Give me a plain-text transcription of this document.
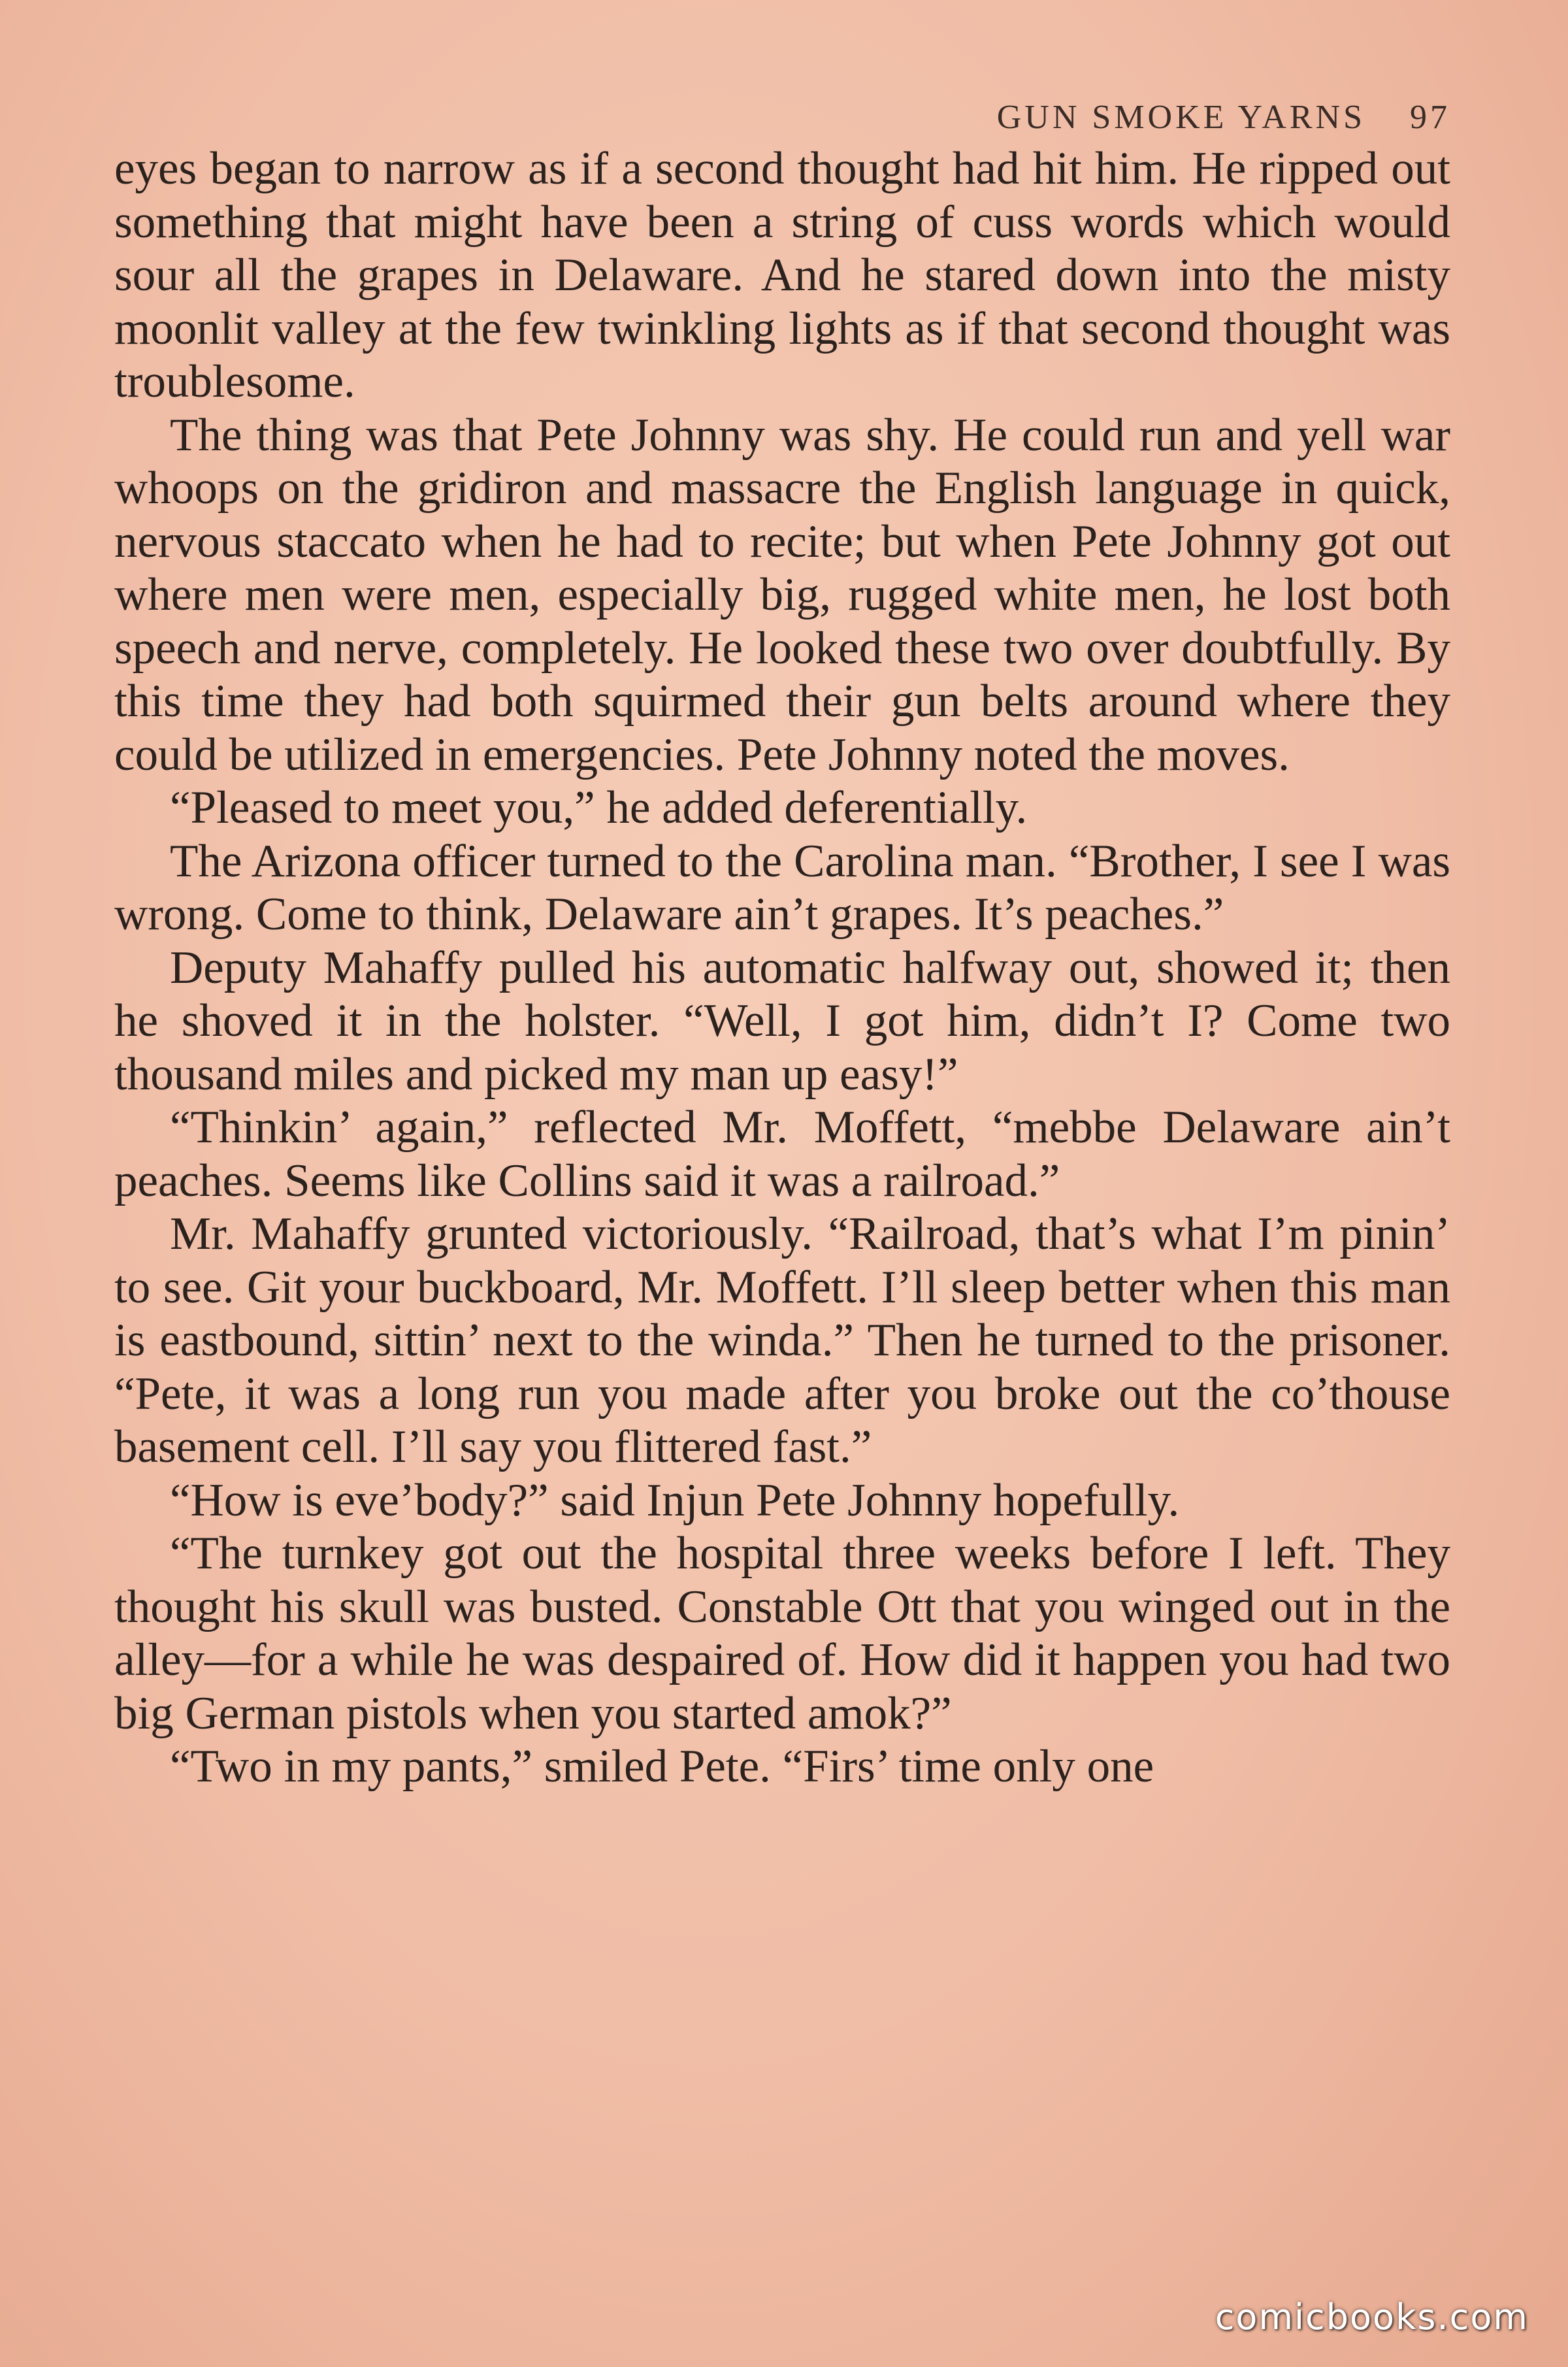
GUN SMOKE YARNS 97

eyes began to narrow as if a second thought had hit him. He ripped out something that might have been a string of cuss words which would sour all the grapes in Delaware. And he stared down into the misty moonlit valley at the few twinkling lights as if that second thought was troublesome.

The thing was that Pete Johnny was shy. He could run and yell war whoops on the gridiron and massacre the English language in quick, nervous staccato when he had to recite; but when Pete Johnny got out where men were men, especially big, rugged white men, he lost both speech and nerve, completely. He looked these two over doubtfully. By this time they had both squirmed their gun belts around where they could be utilized in emergencies. Pete Johnny noted the moves.

“Pleased to meet you,” he added deferentially.

The Arizona officer turned to the Carolina man. “Brother, I see I was wrong. Come to think, Delaware ain’t grapes. It’s peaches.”

Deputy Mahaffy pulled his automatic halfway out, showed it; then he shoved it in the holster. “Well, I got him, didn’t I? Come two thousand miles and picked my man up easy!”

“Thinkin’ again,” reflected Mr. Moffett, “mebbe Delaware ain’t peaches. Seems like Collins said it was a railroad.”

Mr. Mahaffy grunted victoriously. “Railroad, that’s what I’m pinin’ to see. Git your buckboard, Mr. Moffett. I’ll sleep better when this man is eastbound, sittin’ next to the winda.” Then he turned to the prisoner. “Pete, it was a long run you made after you broke out the co’thouse basement cell. I’ll say you flittered fast.”

“How is eve’body?” said Injun Pete Johnny hopefully.

“The turnkey got out the hospital three weeks before I left. They thought his skull was busted. Constable Ott that you winged out in the alley—for a while he was despaired of. How did it happen you had two big German pistols when you started amok?”

“Two in my pants,” smiled Pete. “Firs’ time only one

comicbooks.com
